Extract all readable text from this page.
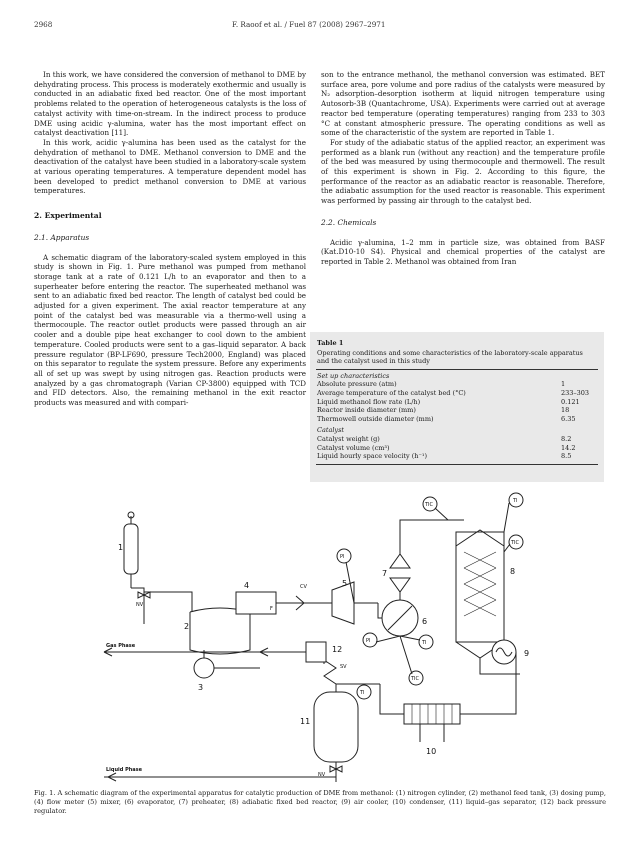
2968	F. Raoof et al. / Fuel 87 (2008) 2967–2971

In this work, we have considered the conversion of methanol to DME by dehydrating process. This process is moderately exothermic and usually is conducted in an adiabatic fixed bed reactor. One of the most important problems related to the operation of heterogeneous catalysts is the loss of catalyst activity with time-on-stream. In the indirect process to produce DME using acidic γ-alumina, water has the most important effect on catalyst deactivation [11].

In this work, acidic γ-alumina has been used as the catalyst for the dehydration of methanol to DME. Methanol conversion to DME and the deactivation of the catalyst have been studied in a laboratory-scale system at various operating temperatures. A temperature dependent model has been developed to predict methanol conversion to DME at various temperatures.

2. Experimental
2.1. Apparatus

A schematic diagram of the laboratory-scaled system employed in this study is shown in Fig. 1. Pure methanol was pumped from methanol storage tank at a rate of 0.121 L/h to an evaporator and then to a superheater before entering the reactor. The superheated methanol was sent to an adiabatic fixed bed reactor. The length of catalyst bed could be adjusted for a given experiment. The axial reactor temperature at any point of the catalyst bed was measurable via a thermo-well using a thermocouple. The reactor outlet products were passed through an air cooler and a double pipe heat exchanger to cool down to the ambient temperature. Cooled products were sent to a gas–liquid separator. A back pressure regulator (BP-LF690, pressure Tech2000, England) was placed on this separator to regulate the system pressure. Before any experiments all of set up was swept by using nitrogen gas. Reaction products were analyzed by a gas chromatograph (Varian CP-3800) equipped with TCD and FID detectors. Also, the remaining methanol in the exit reactor products was measured and with compari-

son to the entrance methanol, the methanol conversion was estimated. BET surface area, pore volume and pore radius of the catalysts were measured by N₂ adsorption–desorption isotherm at liquid nitrogen temperature using Autosorb-3B (Quantachrome, USA). Experiments were carried out at average reactor bed temperature (operating temperatures) ranging from 233 to 303 °C at constant atmospheric pressure. The operating conditions as well as some of the characteristic of the system are reported in Table 1.

For study of the adiabatic status of the applied reactor, an experiment was performed as a blank run (without any reaction) and the temperature profile of the bed was measured by using thermocouple and thermowell. The result of this experiment is shown in Fig. 2. According to this figure, the performance of the reactor as an adiabatic reactor is reasonable. Therefore, the adiabatic assumption for the used reactor is reasonable. This experiment was performed by passing air through to the catalyst bed.

2.2. Chemicals

Acidic γ-alumina, 1–2 mm in particle size, was obtained from BASF (Kat.D10-10 S4). Physical and chemical properties of the catalyst are reported in Table 2. Methanol was obtained from Iran

Table 1
Operating conditions and some characteristics of the laboratory-scale apparatus and the catalyst used in this study
Set up characteristics
Absolute pressure (atm)	1
Average temperature of the catalyst bed (°C)	233–303
Liquid methanol flow rate (L/h)	0.121
Reactor inside diameter (mm)	18
Thermowell outside diameter (mm)	6.35
Catalyst
Catalyst weight (g)	8.2
Catalyst volume (cm³)	14.2
Liquid hourly space velocity (h⁻¹)	8.5
1
2
3
4	5
6
7	8
9
10
11
12
NV
CV
F
PI
TI
TIC
TIC
TI
TIC
PI
TI
SV
NV
Gas Phase
Liquid Phase
Fig. 1. A schematic diagram of the experimental apparatus for catalytic production of DME from methanol: (1) nitrogen cylinder, (2) methanol feed tank, (3) dosing pump, (4) flow meter (5) mixer, (6) evaporator, (7) preheater, (8) adiabatic fixed bed reactor, (9) air cooler, (10) condenser, (11) liquid–gas separator, (12) back pressure regulator.
